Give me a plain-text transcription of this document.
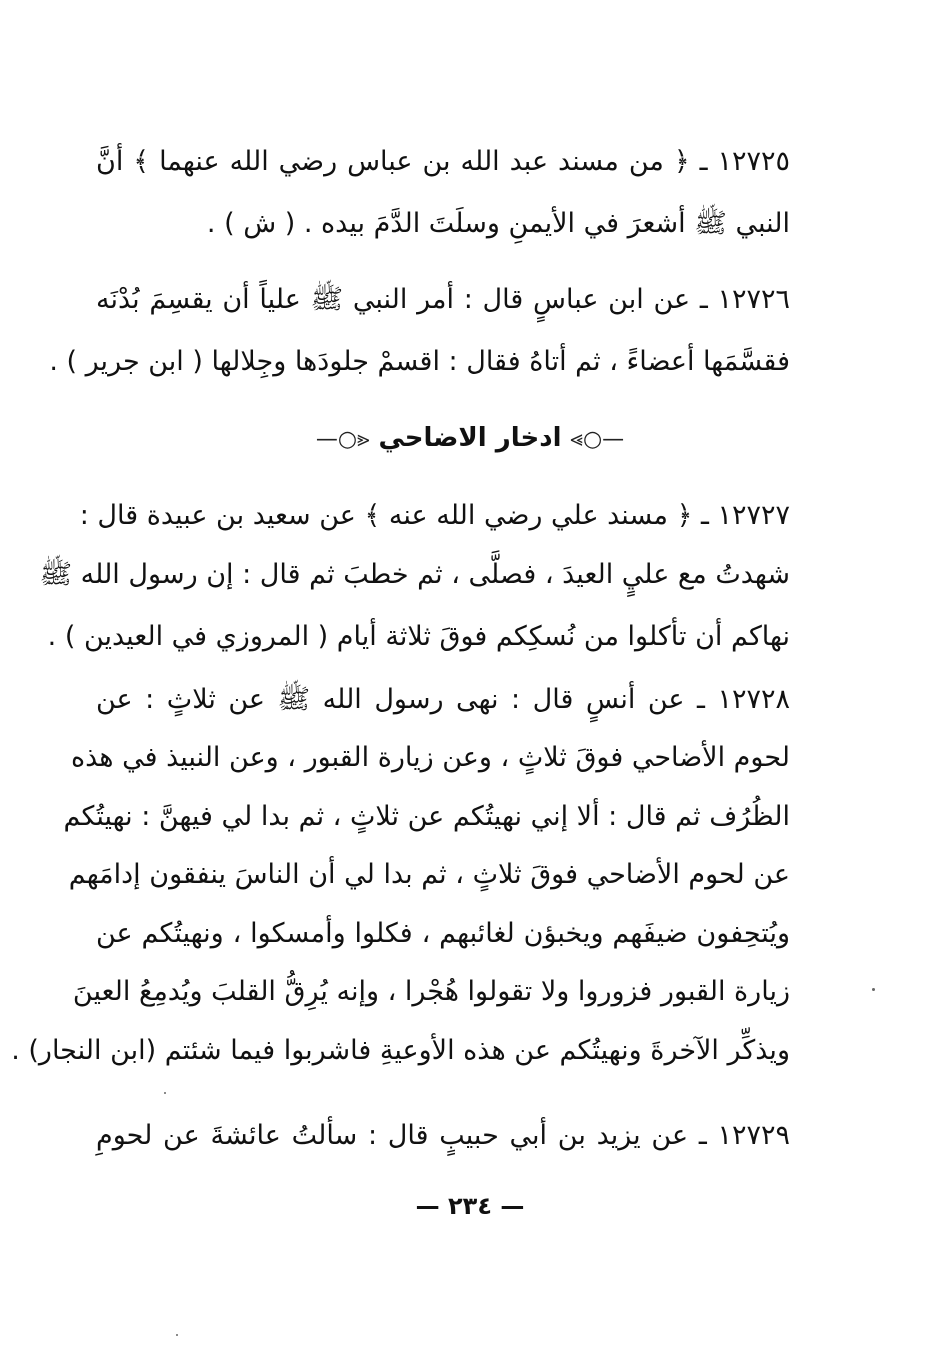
١٢٧٢٥ ـ ﴿ من مسند عبد الله بن عباس رضي الله عنهما ﴾ أنَّ
النبي ﷺ أشعرَ في الأيمنِ وسلَتَ الدَّمَ بيده . ( ش ) .
١٢٧٢٦ ـ عن ابن عباسٍ قال : أمر النبي ﷺ علياً أن يقسِمَ بُدْنَه
فقسَّمَها أعضاءً ، ثم أتاهُ فقال : اقسمْ جلودَها وجِلالها ( ابن جرير ) .
—○⪢ ادخار الاضاحي ⪡○—
١٢٧٢٧ ـ ﴿ مسند علي رضي الله عنه ﴾ عن سعيد بن عبيدة قال :
شهدتُ مع عليٍ العيدَ ، فصلَّى ، ثم خطبَ ثم قال : إن رسول الله ﷺ
نهاكم أن تأكلوا من نُسكِكم فوقَ ثلاثة أيام ( المروزي في العيدين ) .
١٢٧٢٨ ـ عن أنسٍ قال : نهى رسول الله ﷺ عن ثلاثٍ : عن
لحوم الأضاحي فوقَ ثلاثٍ ، وعن زيارة القبور ، وعن النبيذ في هذه
الظُرُف ثم قال : ألا إني نهيتُكم عن ثلاثٍ ، ثم بدا لي فيهنَّ : نهيتُكم
عن لحوم الأضاحي فوقَ ثلاثٍ ، ثم بدا لي أن الناسَ ينفقون إدامَهم
ويُتحِفون ضيفَهم ويخبؤن لغائبهم ، فكلوا وأمسكوا ، ونهيتُكم عن
زيارة القبور فزوروا ولا تقولوا هُجْرا ، وإنه يُرِقُّ القلبَ ويُدمِعُ العينَ
ويذكِّر الآخرةَ ونهيتُكم عن هذه الأوعيةِ فاشربوا فيما شئتم (ابن النجار) .
١٢٧٢٩ ـ عن يزيد بن أبي حبيبٍ قال : سألتُ عائشةَ عن لحومِ
— ٢٣٤ —
